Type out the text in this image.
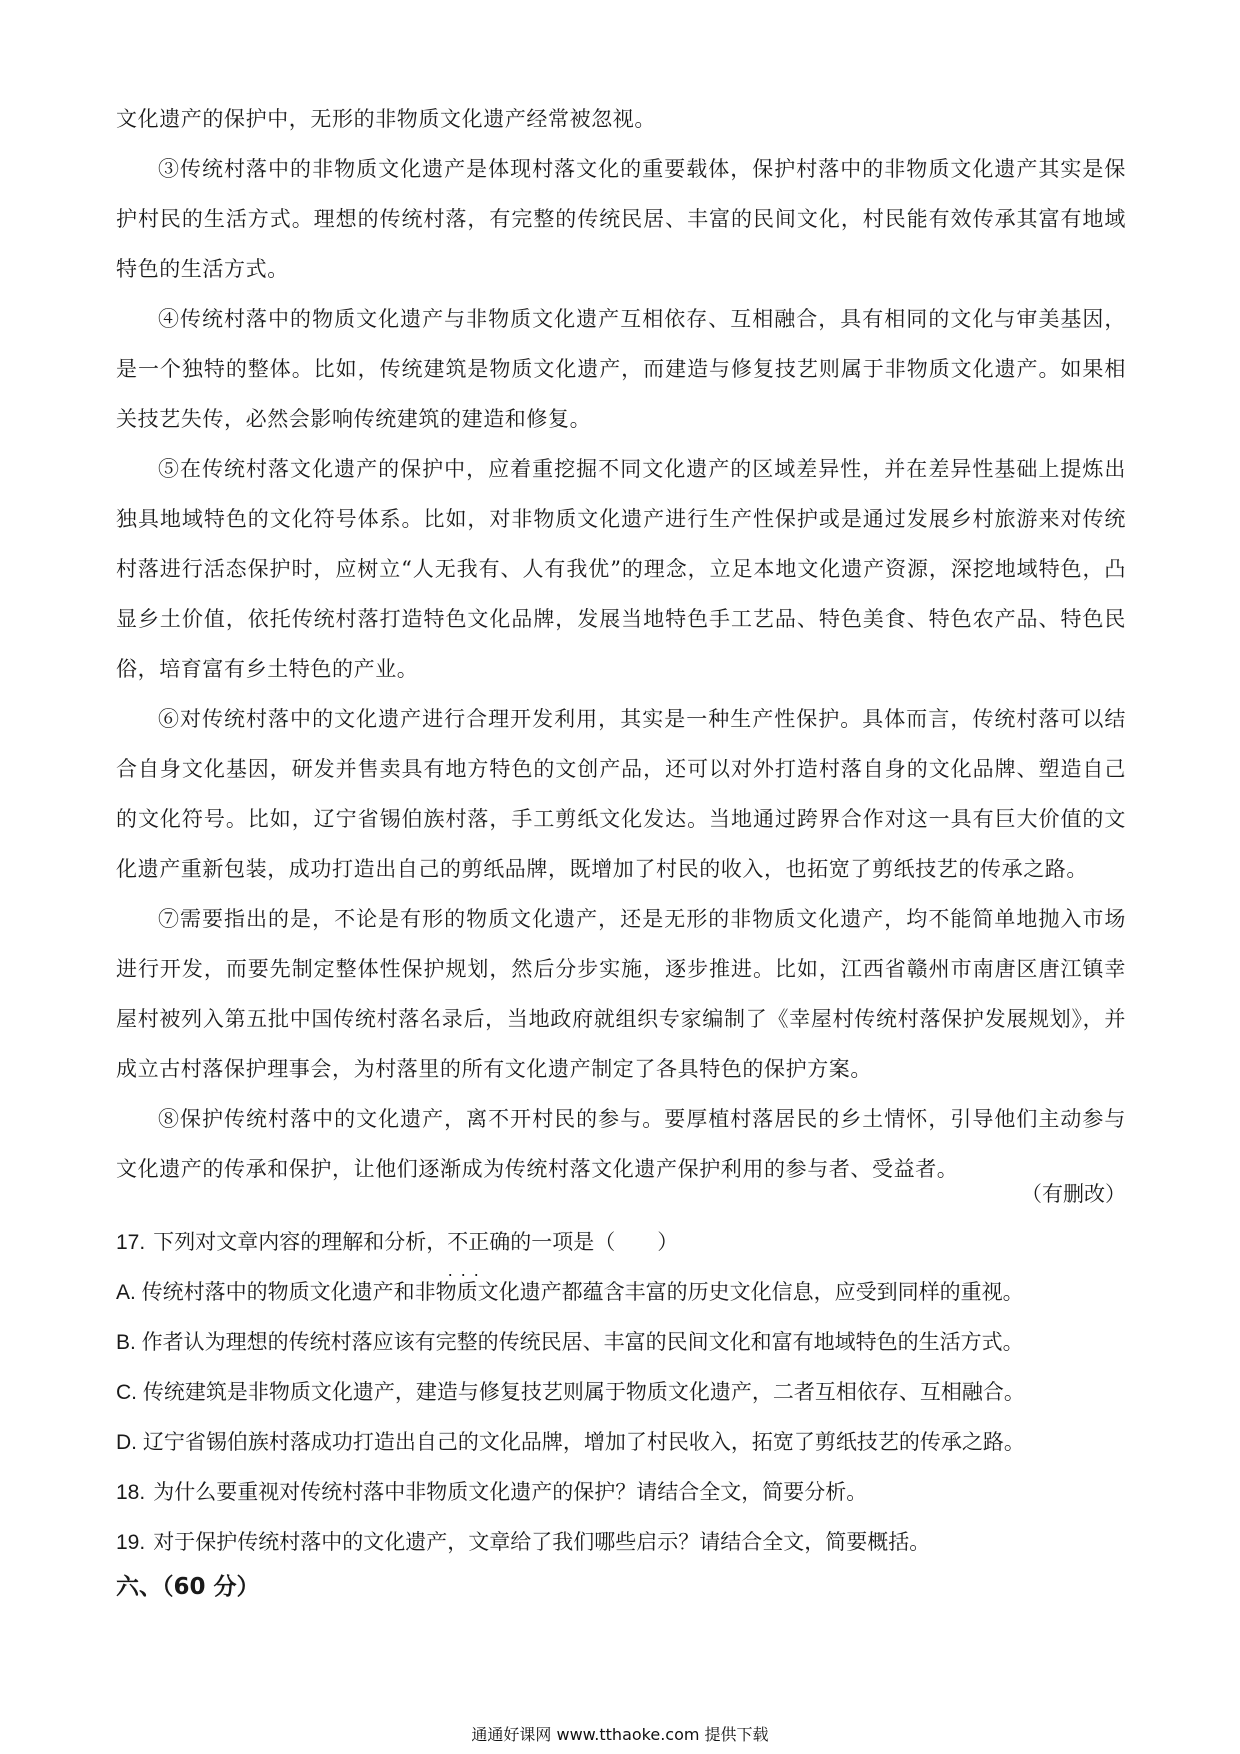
文化遗产的保护中，无形的非物质文化遗产经常被忽视。

③传统村落中的非物质文化遗产是体现村落文化的重要载体，保护村落中的非物质文化遗产其实是保护村民的生活方式。理想的传统村落，有完整的传统民居、丰富的民间文化，村民能有效传承其富有地域特色的生活方式。

④传统村落中的物质文化遗产与非物质文化遗产互相依存、互相融合，具有相同的文化与审美基因，是一个独特的整体。比如，传统建筑是物质文化遗产，而建造与修复技艺则属于非物质文化遗产。如果相关技艺失传，必然会影响传统建筑的建造和修复。

⑤在传统村落文化遗产的保护中，应着重挖掘不同文化遗产的区域差异性，并在差异性基础上提炼出独具地域特色的文化符号体系。比如，对非物质文化遗产进行生产性保护或是通过发展乡村旅游来对传统村落进行活态保护时，应树立“人无我有、人有我优”的理念，立足本地文化遗产资源，深挖地域特色，凸显乡土价值，依托传统村落打造特色文化品牌，发展当地特色手工艺品、特色美食、特色农产品、特色民俗，培育富有乡土特色的产业。

⑥对传统村落中的文化遗产进行合理开发利用，其实是一种生产性保护。具体而言，传统村落可以结合自身文化基因，研发并售卖具有地方特色的文创产品，还可以对外打造村落自身的文化品牌、塑造自己的文化符号。比如，辽宁省锡伯族村落，手工剪纸文化发达。当地通过跨界合作对这一具有巨大价值的文化遗产重新包装，成功打造出自己的剪纸品牌，既增加了村民的收入，也拓宽了剪纸技艺的传承之路。

⑦需要指出的是，不论是有形的物质文化遗产，还是无形的非物质文化遗产，均不能简单地抛入市场进行开发，而要先制定整体性保护规划，然后分步实施，逐步推进。比如，江西省赣州市南唐区唐江镇幸屋村被列入第五批中国传统村落名录后，当地政府就组织专家编制了《幸屋村传统村落保护发展规划》，并成立古村落保护理事会，为村落里的所有文化遗产制定了各具特色的保护方案。

⑧保护传统村落中的文化遗产，离不开村民的参与。要厚植村落居民的乡土情怀，引导他们主动参与文化遗产的传承和保护，让他们逐渐成为传统村落文化遗产保护利用的参与者、受益者。

（有删改）

17. 下列对文章内容的理解和分析，不正确 · · ·的一项是（　　）

A. 传统村落中的物质文化遗产和非物质文化遗产都蕴含丰富的历史文化信息，应受到同样的重视。

B. 作者认为理想的传统村落应该有完整的传统民居、丰富的民间文化和富有地域特色的生活方式。

C. 传统建筑是非物质文化遗产，建造与修复技艺则属于物质文化遗产，二者互相依存、互相融合。

D. 辽宁省锡伯族村落成功打造出自己的文化品牌，增加了村民收入，拓宽了剪纸技艺的传承之路。

18. 为什么要重视对传统村落中非物质文化遗产的保护？请结合全文，简要分析。

19. 对于保护传统村落中的文化遗产，文章给了我们哪些启示？请结合全文，简要概括。

六、（60 分）
通通好课网 www.tthaoke.com 提供下载
